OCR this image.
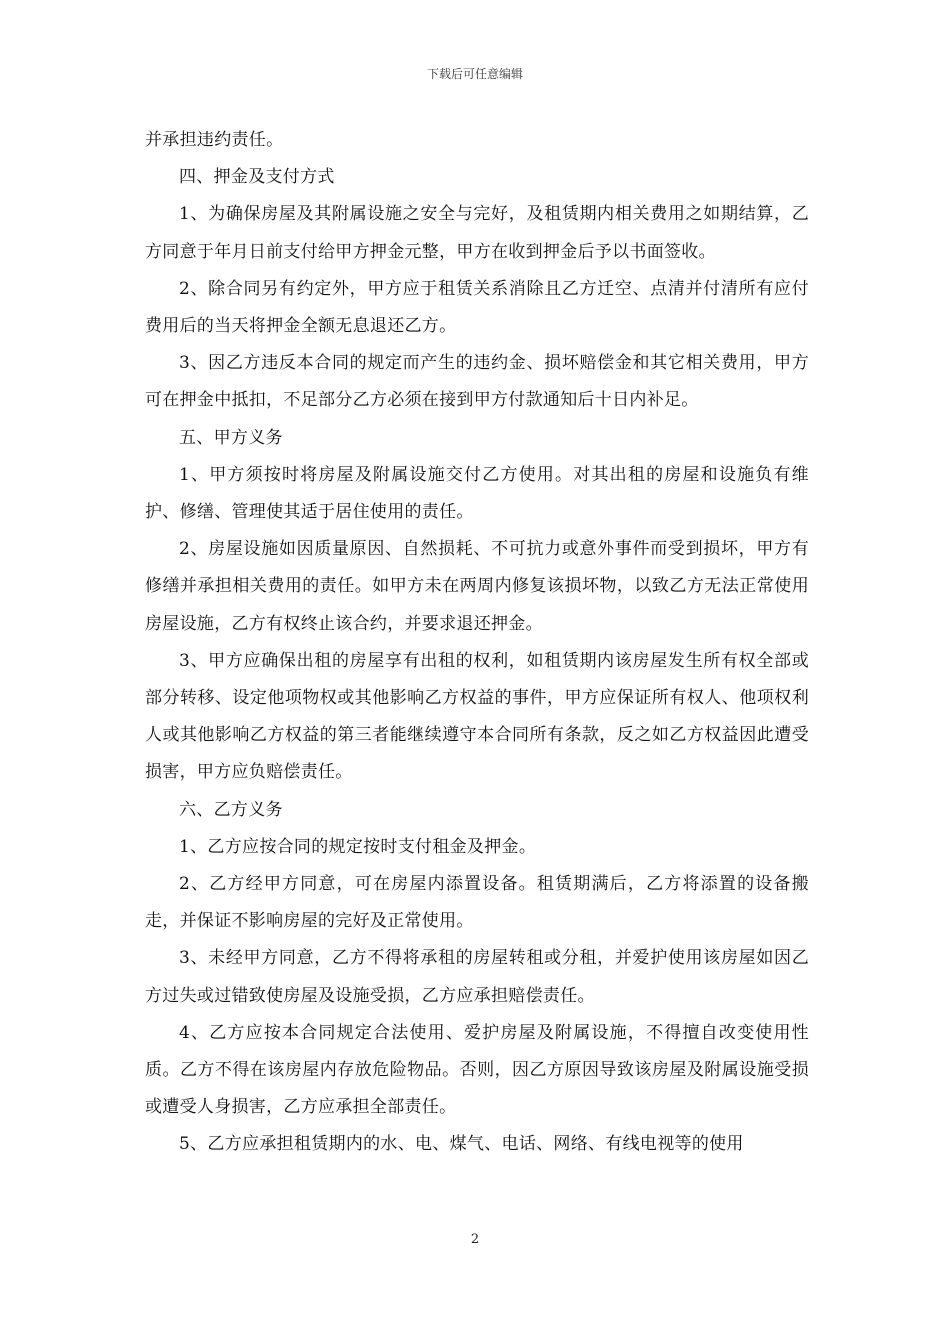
下载后可任意编辑

并承担违约责任。

四、押金及支付方式

1、为确保房屋及其附属设施之安全与完好，及租赁期内相关费用之如期结算，乙方同意于年月日前支付给甲方押金元整，甲方在收到押金后予以书面签收。

2、除合同另有约定外，甲方应于租赁关系消除且乙方迁空、点清并付清所有应付费用后的当天将押金全额无息退还乙方。

3、因乙方违反本合同的规定而产生的违约金、损坏赔偿金和其它相关费用，甲方可在押金中抵扣，不足部分乙方必须在接到甲方付款通知后十日内补足。

五、甲方义务

1、甲方须按时将房屋及附属设施交付乙方使用。对其出租的房屋和设施负有维护、修缮、管理使其适于居住使用的责任。

2、房屋设施如因质量原因、自然损耗、不可抗力或意外事件而受到损坏，甲方有修缮并承担相关费用的责任。如甲方未在两周内修复该损坏物，以致乙方无法正常使用房屋设施，乙方有权终止该合约，并要求退还押金。

3、甲方应确保出租的房屋享有出租的权利，如租赁期内该房屋发生所有权全部或部分转移、设定他项物权或其他影响乙方权益的事件，甲方应保证所有权人、他项权利人或其他影响乙方权益的第三者能继续遵守本合同所有条款，反之如乙方权益因此遭受损害，甲方应负赔偿责任。

六、乙方义务

1、乙方应按合同的规定按时支付租金及押金。

2、乙方经甲方同意，可在房屋内添置设备。租赁期满后，乙方将添置的设备搬走，并保证不影响房屋的完好及正常使用。

3、未经甲方同意，乙方不得将承租的房屋转租或分租，并爱护使用该房屋如因乙方过失或过错致使房屋及设施受损，乙方应承担赔偿责任。

4、乙方应按本合同规定合法使用、爱护房屋及附属设施，不得擅自改变使用性质。乙方不得在该房屋内存放危险物品。否则，因乙方原因导致该房屋及附属设施受损或遭受人身损害，乙方应承担全部责任。

5、乙方应承担租赁期内的水、电、煤气、电话、网络、有线电视等的使用

2
